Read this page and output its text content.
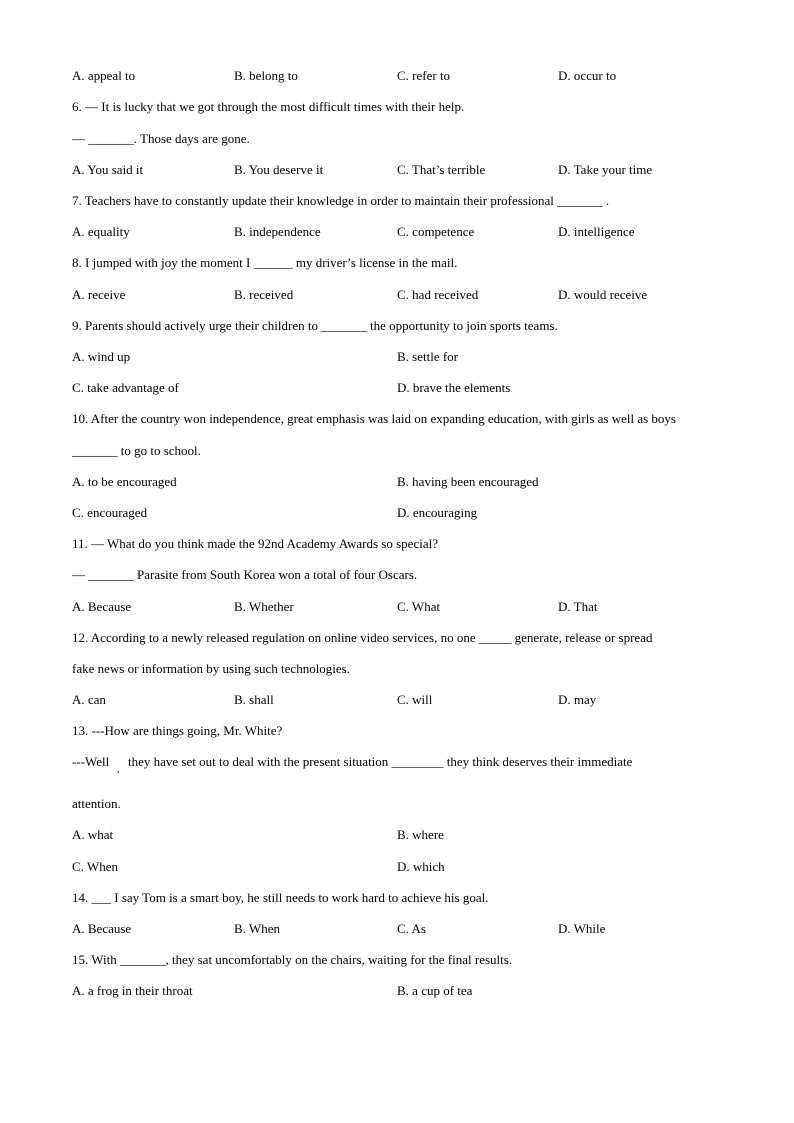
A. appeal to	B. belong to	C. refer to	D. occur to
6. — It is lucky that we got through the most difficult times with their help.
— _______. Those days are gone.
A. You said it	B. You deserve it	C. That’s terrible	D. Take your time
7. Teachers have to constantly update their knowledge in order to maintain their professional _______ .
A. equality	B. independence	C. competence	D. intelligence
8. I jumped with joy the moment I ______ my driver’s license in the mail.
A. receive	B. received	C. had received	D. would receive
9. Parents should actively urge their children to _______ the opportunity to join sports teams.
A. wind up	B. settle for
C. take advantage of	D. brave the elements
10. After the country won independence, great emphasis was laid on expanding education, with girls as well as boys
_______ to go to school.
A. to be encouraged	B. having been encouraged
C. encouraged	D. encouraging
11. — What do you think made the 92nd Academy Awards so special?
— _______ Parasite from South Korea won a total of four Oscars.
A. Because	B. Whether	C. What	D. That
12. According to a newly released regulation on online video services, no one _____ generate, release or spread
fake news or information by using such technologies.
A. can	B. shall	C. will	D. may
13. ---How are things going, Mr. White?
---Well
,
they have set out to deal with the present situation ________ they think deserves their immediate
attention.
A. what	B. where
C. When	D. which
14. ___ I say Tom is a smart boy, he still needs to work hard to achieve his goal.
A. Because	B. When	C. As	D. While
15. With _______, they sat uncomfortably on the chairs, waiting for the final results.
A. a frog in their throat	B. a cup of tea
